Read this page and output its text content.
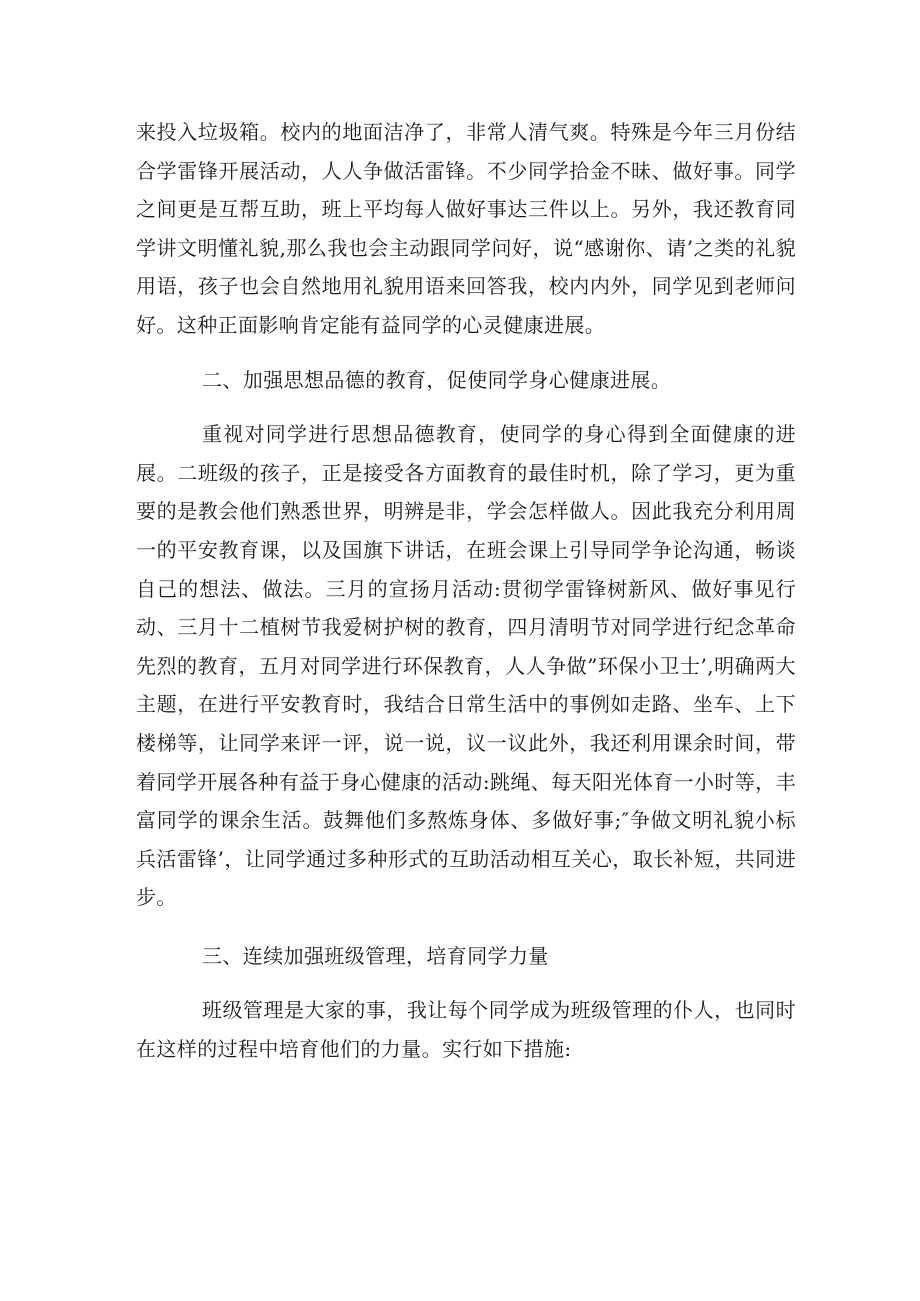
来投入垃圾箱。校内的地面洁净了，非常人清气爽。特殊是今年三月份结合学雷锋开展活动，人人争做活雷锋。不少同学拾金不昧、做好事。同学之间更是互帮互助，班上平均每人做好事达三件以上。另外，我还教育同学讲文明懂礼貌,那么我也会主动跟同学问好，说“感谢你、请’之类的礼貌用语，孩子也会自然地用礼貌用语来回答我，校内内外，同学见到老师问好。这种正面影响肯定能有益同学的心灵健康进展。

二、加强思想品德的教育，促使同学身心健康进展。

重视对同学进行思想品德教育，使同学的身心得到全面健康的进展。二班级的孩子，正是接受各方面教育的最佳时机，除了学习，更为重要的是教会他们熟悉世界，明辨是非，学会怎样做人。因此我充分利用周一的平安教育课，以及国旗下讲话，在班会课上引导同学争论沟通，畅谈自己的想法、做法。三月的宣扬月活动:贯彻学雷锋树新风、做好事见行动、三月十二植树节我爱树护树的教育，四月清明节对同学进行纪念革命先烈的教育，五月对同学进行环保教育，人人争做”环保小卫士’,明确两大主题，在进行平安教育时，我结合日常生活中的事例如走路、坐车、上下楼梯等，让同学来评一评，说一说，议一议此外，我还利用课余时间，带着同学开展各种有益于身心健康的活动:跳绳、每天阳光体育一小时等，丰富同学的课余生活。鼓舞他们多熬炼身体、多做好事;″争做文明礼貌小标兵活雷锋’，让同学通过多种形式的互助活动相互关心，取长补短，共同进步。

三、连续加强班级管理，培育同学力量

班级管理是大家的事，我让每个同学成为班级管理的仆人，也同时在这样的过程中培育他们的力量。实行如下措施:
